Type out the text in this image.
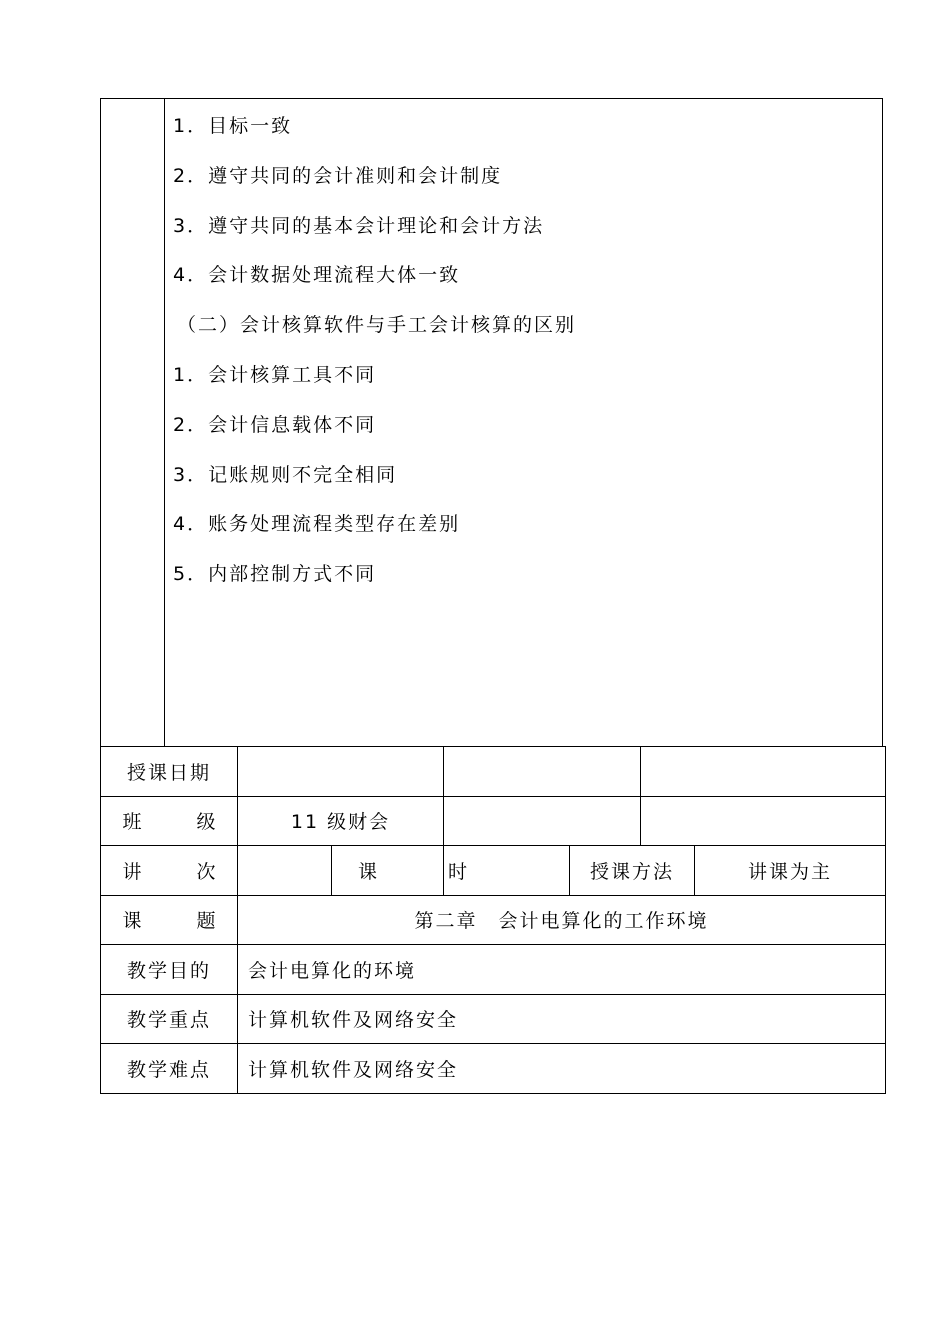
1．目标一致
2．遵守共同的会计准则和会计制度
3．遵守共同的基本会计理论和会计方法
4．会计数据处理流程大体一致
（二）会计核算软件与手工会计核算的区别
1．会计核算工具不同
2．会计信息载体不同
3．记账规则不完全相同
4．账务处理流程类型存在差别
5．内部控制方式不同
授课日期						
班　级	11 级财会					
讲　次		课　时		授课方法		讲课为主
课　题	第二章　会计电算化的工作环境					
教学目的	会计电算化的环境					
教学重点	计算机软件及网络安全					
教学难点	计算机软件及网络安全					
